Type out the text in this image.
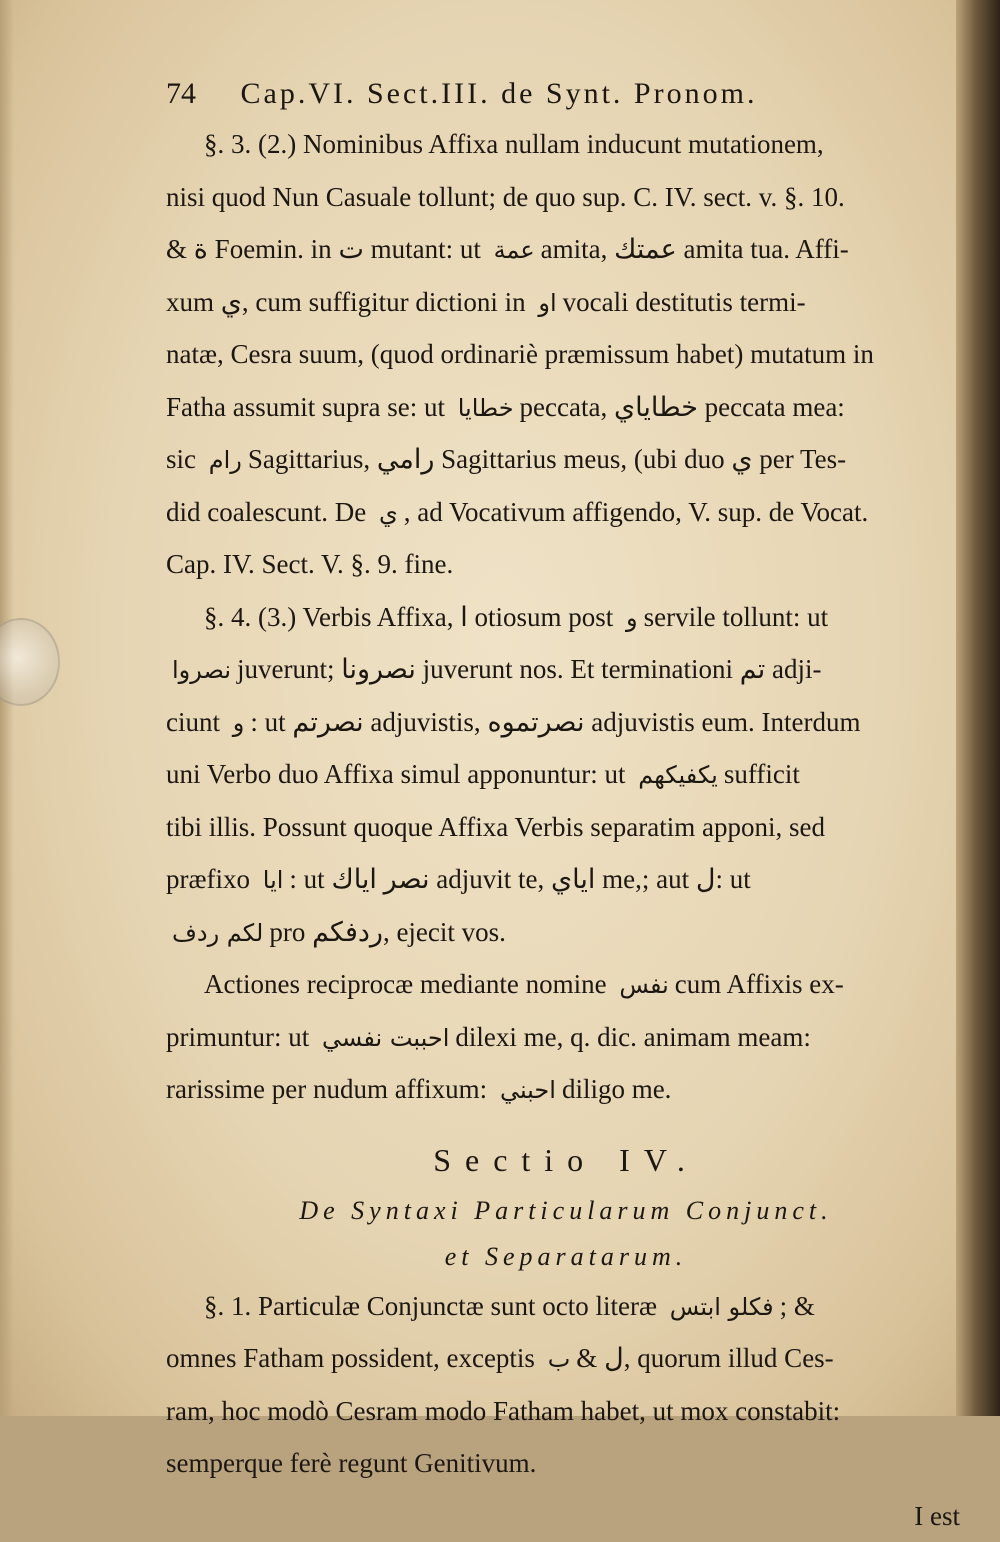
74 Cap.VI. Sect.III. de Synt. Pronom.
§. 3. (2.) Nominibus Affixa nullam inducunt mutationem,
nisi quod Nun Casuale tollunt; de quo sup. C. IV. sect. v. §. 10.
& ة Foemin. in ت mutant: ut عمة amita, عمتك amita tua. Affi-
xum ي, cum suffigitur dictioni in او vocali destitutis termi-
natæ, Cesra suum, (quod ordinariè præmissum habet) mutatum in
Fatha assumit supra se: ut خطايا peccata, خطاياي peccata mea:
sic رام Sagittarius, رامي Sagittarius meus, (ubi duo ي per Tes-
did coalescunt. De ي , ad Vocativum affigendo, V. sup. de Vocat.
Cap. IV. Sect. V. §. 9. fine.
§. 4. (3.) Verbis Affixa, ا otiosum post و servile tollunt: ut
نصروا juverunt; نصرونا juverunt nos. Et terminationi تم adji-
ciunt و : ut نصرتم adjuvistis, نصرتموه adjuvistis eum. Interdum
uni Verbo duo Affixa simul apponuntur: ut يكفيكهم sufficit
tibi illis. Possunt quoque Affixa Verbis separatim apponi, sed
præfixo ايا : ut نصر اياك adjuvit te, اياي me,; aut ل: ut
لكم ردف pro ردفكم, ejecit vos.
Actiones reciprocæ mediante nomine نفس cum Affixis ex-
primuntur: ut احببت نفسي dilexi me, q. dic. animam meam:
rarissime per nudum affixum: احبني diligo me.
Sectio IV.
De Syntaxi Particularum Conjunct.
et Separatarum.
§. 1. Particulæ Conjunctæ sunt octo literæ فكلو ابتس ; &
omnes Fatham possident, exceptis ب & ل, quorum illud Ces-
ram, hoc modò Cesram modo Fatham habet, ut mox constabit:
semperque ferè regunt Genitivum.
I est
